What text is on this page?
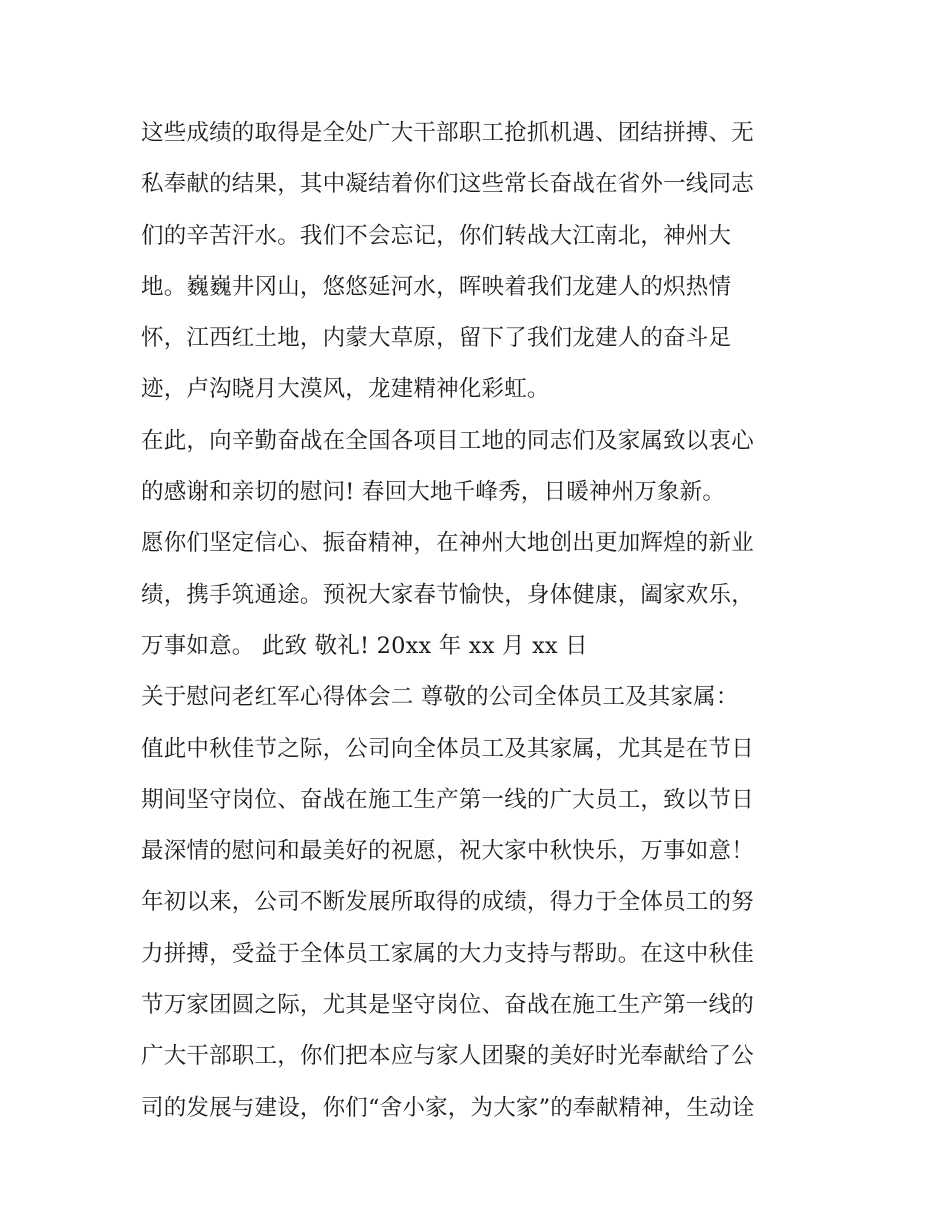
这些成绩的取得是全处广大干部职工抢抓机遇、团结拼搏、无
私奉献的结果，其中凝结着你们这些常长奋战在省外一线同志
们的辛苦汗水。我们不会忘记，你们转战大江南北，神州大
地。巍巍井冈山，悠悠延河水，晖映着我们龙建人的炽热情
怀，江西红土地，内蒙大草原，留下了我们龙建人的奋斗足
迹，卢沟晓月大漠风，龙建精神化彩虹。
在此，向辛勤奋战在全国各项目工地的同志们及家属致以衷心
的感谢和亲切的慰问! 春回大地千峰秀，日暖神州万象新。
愿你们坚定信心、振奋精神，在神州大地创出更加辉煌的新业
绩，携手筑通途。预祝大家春节愉快，身体健康，阖家欢乐，
万事如意。 此致 敬礼! 20xx 年 xx 月 xx 日
关于慰问老红军心得体会二 尊敬的公司全体员工及其家属：
值此中秋佳节之际，公司向全体员工及其家属，尤其是在节日
期间坚守岗位、奋战在施工生产第一线的广大员工，致以节日
最深情的慰问和最美好的祝愿，祝大家中秋快乐，万事如意！
年初以来，公司不断发展所取得的成绩，得力于全体员工的努
力拼搏，受益于全体员工家属的大力支持与帮助。在这中秋佳
节万家团圆之际，尤其是坚守岗位、奋战在施工生产第一线的
广大干部职工，你们把本应与家人团聚的美好时光奉献给了公
司的发展与建设，你们“舍小家，为大家”的奉献精神，生动诠
